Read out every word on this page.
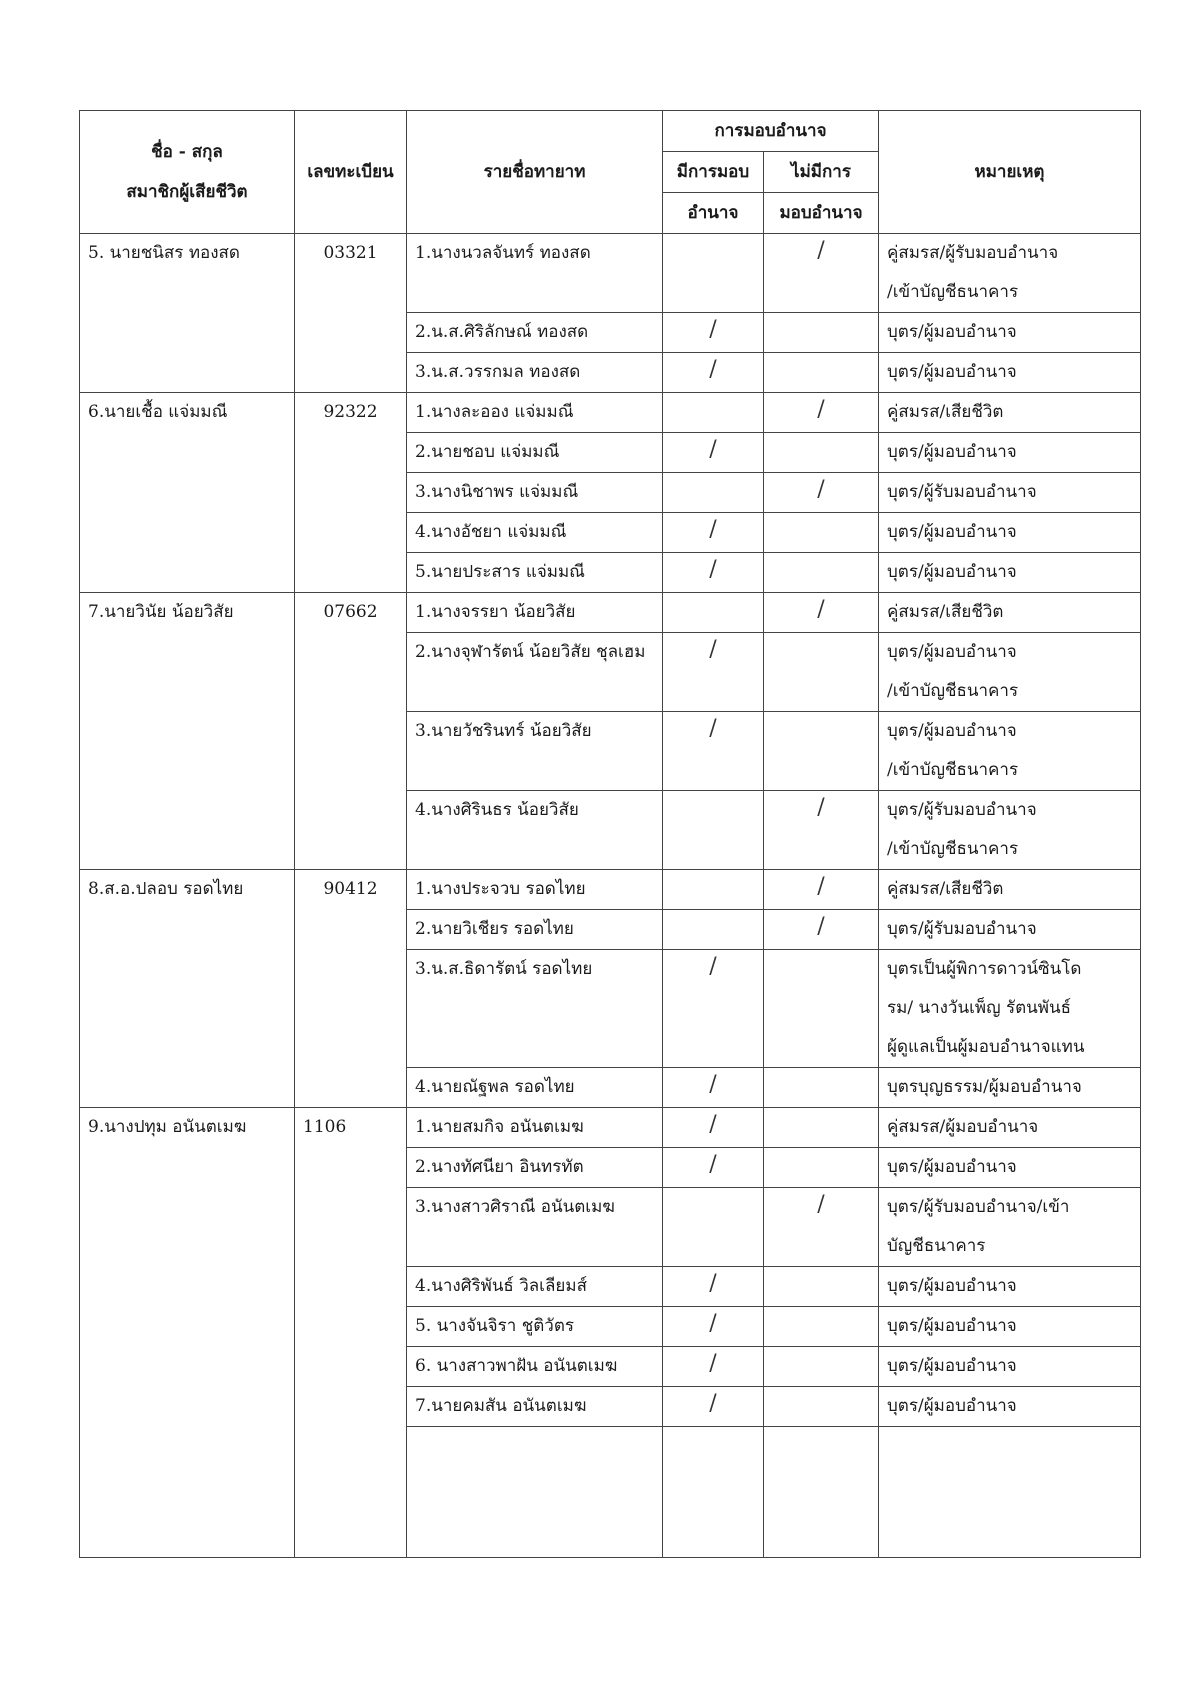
ชื่อ - สกุล
สมาชิกผู้เสียชีวิต	เลขทะเบียน	รายชื่อทายาท	การมอบอำนาจ		หมายเหตุ
			มีการมอบ	ไม่มีการ	
			อำนาจ	มอบอำนาจ	

5. นายชนิสร ทองสด	03321	1.นางนวลจันทร์ ทองสด		/	คู่สมรส/ผู้รับมอบอำนาจ
/เข้าบัญชีธนาคาร

		2.น.ส.ศิริลักษณ์ ทองสด	/		บุตร/ผู้มอบอำนาจ

		3.น.ส.วรรกมล ทองสด	/		บุตร/ผู้มอบอำนาจ

6.นายเชื้อ แจ่มมณี	92322	1.นางละออง แจ่มมณี		/	คู่สมรส/เสียชีวิต

		2.นายชอบ แจ่มมณี	/		บุตร/ผู้มอบอำนาจ

		3.นางนิชาพร แจ่มมณี		/	บุตร/ผู้รับมอบอำนาจ

		4.นางอัชยา แจ่มมณี	/		บุตร/ผู้มอบอำนาจ

		5.นายประสาร แจ่มมณี	/		บุตร/ผู้มอบอำนาจ

7.นายวินัย น้อยวิสัย	07662	1.นางจรรยา น้อยวิสัย		/	คู่สมรส/เสียชีวิต

		2.นางจุฬารัตน์ น้อยวิสัย ชุลเฮม	/		บุตร/ผู้มอบอำนาจ
/เข้าบัญชีธนาคาร

		3.นายวัชรินทร์ น้อยวิสัย	/		บุตร/ผู้มอบอำนาจ
/เข้าบัญชีธนาคาร

		4.นางศิรินธร น้อยวิสัย		/	บุตร/ผู้รับมอบอำนาจ
/เข้าบัญชีธนาคาร

8.ส.อ.ปลอบ รอดไทย	90412	1.นางประจวบ รอดไทย		/	คู่สมรส/เสียชีวิต

		2.นายวิเชียร รอดไทย		/	บุตร/ผู้รับมอบอำนาจ

		3.น.ส.ธิดารัตน์ รอดไทย	/		บุตรเป็นผู้พิการดาวน์ซินโด
รม/ นางวันเพ็ญ รัตนพันธ์
ผู้ดูแลเป็นผู้มอบอำนาจแทน

		4.นายณัฐพล รอดไทย	/		บุตรบุญธรรม/ผู้มอบอำนาจ

9.นางปทุม อนันตเมฆ	1106	1.นายสมกิจ อนันตเมฆ	/		คู่สมรส/ผู้มอบอำนาจ

		2.นางทัศนียา อินทรทัต	/		บุตร/ผู้มอบอำนาจ

		3.นางสาวศิราณี อนันตเมฆ		/	บุตร/ผู้รับมอบอำนาจ/เข้า
บัญชีธนาคาร

		4.นางศิริพันธ์ วิลเลียมส์	/		บุตร/ผู้มอบอำนาจ

		5. นางจันจิรา ชูติวัตร	/		บุตร/ผู้มอบอำนาจ

		6. นางสาวพาฝัน อนันตเมฆ	/		บุตร/ผู้มอบอำนาจ

		7.นายคมสัน อนันตเมฆ	/		บุตร/ผู้มอบอำนาจ
